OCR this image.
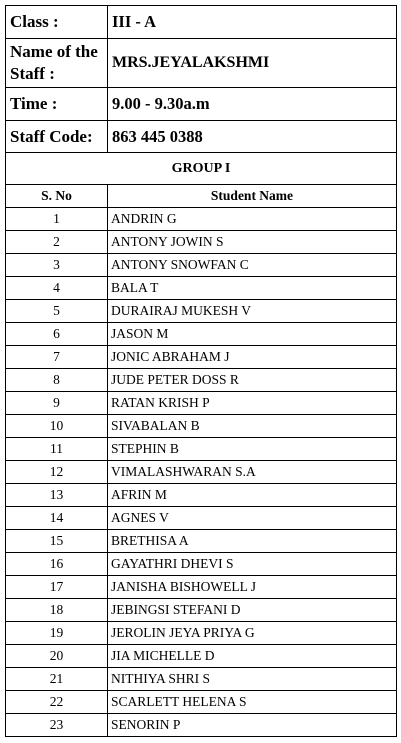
Class :	III - A
Name of the Staff :	MRS.JEYALAKSHMI
Time :	9.00 - 9.30a.m
Staff Code:	863 445 0388
GROUP I	
S. No	Student Name
1	ANDRIN G
2	ANTONY JOWIN S
3	ANTONY SNOWFAN C
4	BALA T
5	DURAIRAJ MUKESH V
6	JASON M
7	JONIC ABRAHAM J
8	JUDE PETER DOSS R
9	RATAN KRISH P
10	SIVABALAN B
11	STEPHIN B
12	VIMALASHWARAN S.A
13	AFRIN M
14	AGNES V
15	BRETHISA A
16	GAYATHRI DHEVI S
17	JANISHA BISHOWELL J
18	JEBINGSI STEFANI D
19	JEROLIN JEYA PRIYA G
20	JIA MICHELLE D
21	NITHIYA SHRI S
22	SCARLETT HELENA S
23	SENORIN P
